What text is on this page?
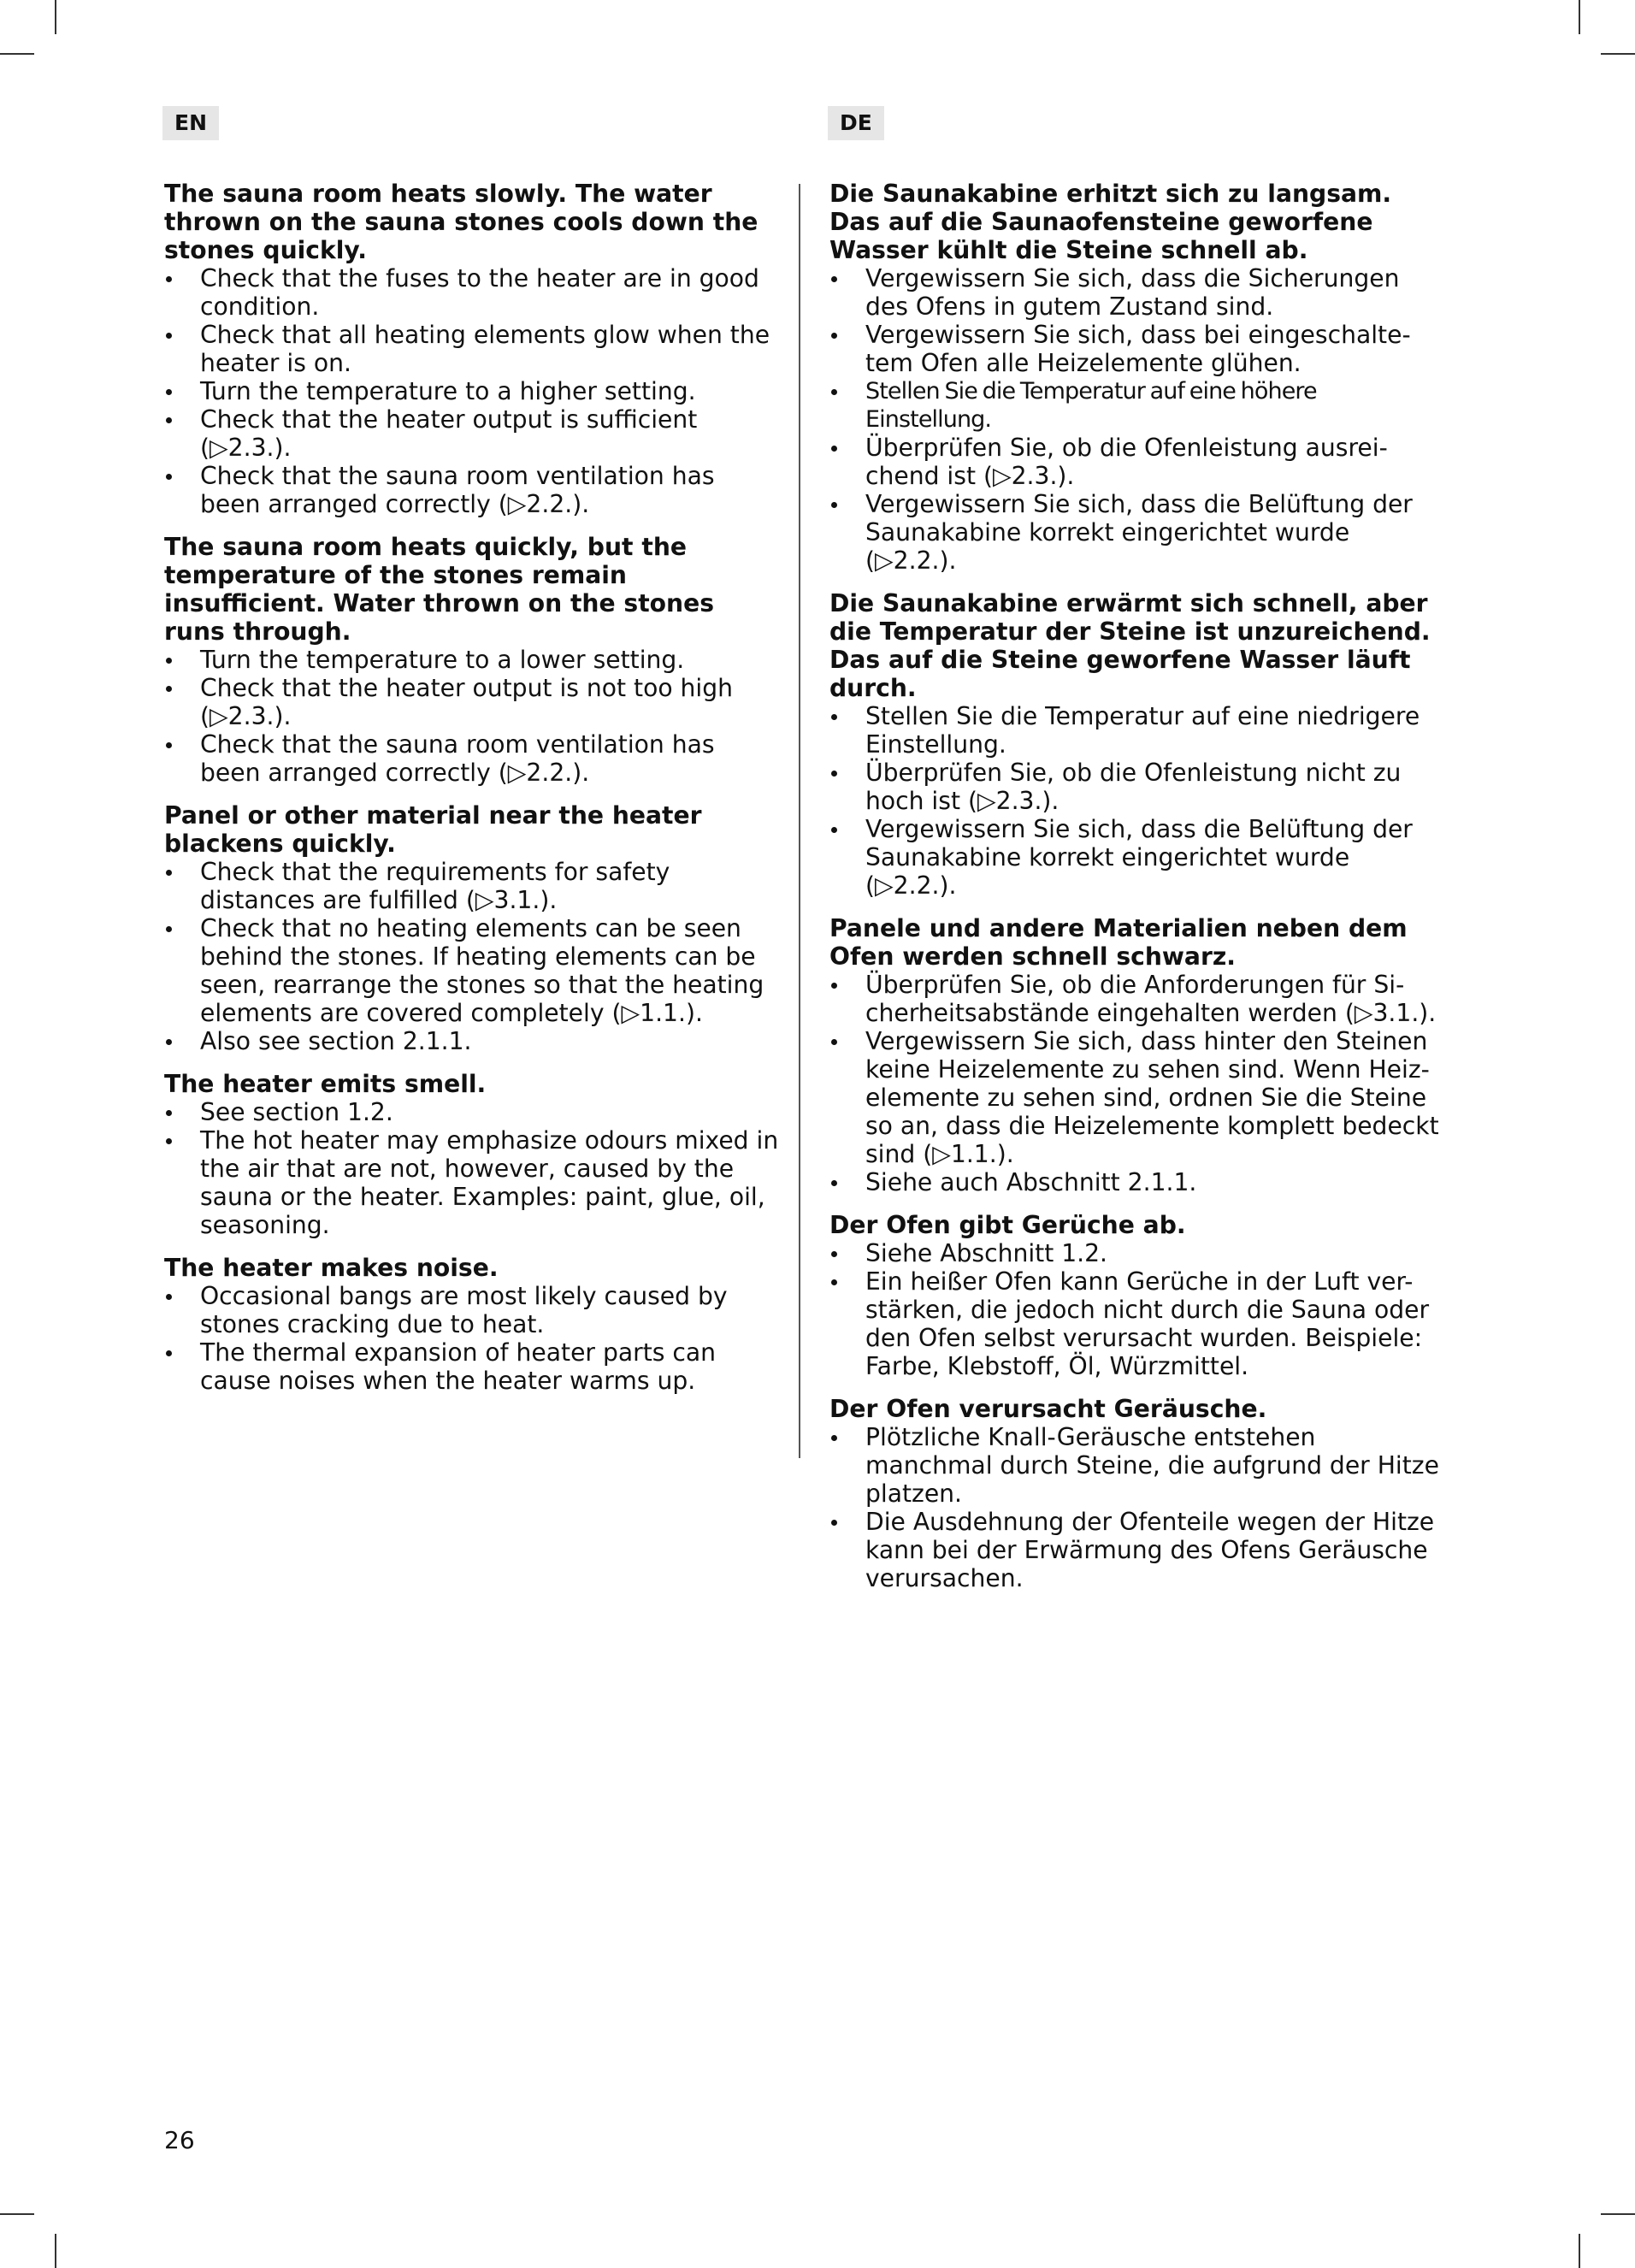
EN	DE

The sauna room heats slowly. The water thrown on the sauna stones cools down the stones quickly.

Check that the fuses to the heater are in good condition.
Check that all heating elements glow when the heater is on.
Turn the temperature to a higher setting.
Check that the heater output is sufficient (▷2.3.).
Check that the sauna room ventilation has been arranged correctly (▷2.2.).

The sauna room heats quickly, but the temperature of the stones remain insufficient. Water thrown on the stones runs through.

Turn the temperature to a lower setting.
Check that the heater output is not too high (▷2.3.).
Check that the sauna room ventilation has been arranged correctly (▷2.2.).

Panel or other material near the heater blackens quickly.

Check that the requirements for safety distances are fulfilled (▷3.1.).
Check that no heating elements can be seen behind the stones. If heating elements can be seen, rearrange the stones so that the heating elements are covered completely (▷1.1.).
Also see section 2.1.1.

The heater emits smell.

See section 1.2.
The hot heater may emphasize odours mixed in the air that are not, however, caused by the sauna or the heater. Examples: paint, glue, oil, seasoning.

The heater makes noise.

Occasional bangs are most likely caused by stones cracking due to heat.
The thermal expansion of heater parts can cause noises when the heater warms up.

Die Saunakabine erhitzt sich zu langsam. Das auf die Saunaofensteine geworfene Wasser kühlt die Steine schnell ab.

Vergewissern Sie sich, dass die Sicherungen des Ofens in gutem Zustand sind.
Vergewissern Sie sich, dass bei eingeschalte-tem Ofen alle Heizelemente glühen.
Stellen Sie die Temperatur auf eine höhere Einstellung.
Überprüfen Sie, ob die Ofenleistung ausrei-chend ist (▷2.3.).
Vergewissern Sie sich, dass die Belüftung der Saunakabine korrekt eingerichtet wurde (▷2.2.).

Die Saunakabine erwärmt sich schnell, aber die Temperatur der Steine ist unzureichend. Das auf die Steine geworfene Wasser läuft durch.

Stellen Sie die Temperatur auf eine niedrigere Einstellung.
Überprüfen Sie, ob die Ofenleistung nicht zu hoch ist (▷2.3.).
Vergewissern Sie sich, dass die Belüftung der Saunakabine korrekt eingerichtet wurde (▷2.2.).

Panele und andere Materialien neben dem Ofen werden schnell schwarz.

Überprüfen Sie, ob die Anforderungen für Si-cherheitsabstände eingehalten werden (▷3.1.).
Vergewissern Sie sich, dass hinter den Steinen keine Heizelemente zu sehen sind. Wenn Heiz-elemente zu sehen sind, ordnen Sie die Steine so an, dass die Heizelemente komplett bedeckt sind (▷1.1.).
Siehe auch Abschnitt 2.1.1.

Der Ofen gibt Gerüche ab.

Siehe Abschnitt 1.2.
Ein heißer Ofen kann Gerüche in der Luft ver-stärken, die jedoch nicht durch die Sauna oder den Ofen selbst verursacht wurden. Beispiele: Farbe, Klebstoff, Öl, Würzmittel.

Der Ofen verursacht Geräusche.

Plötzliche Knall-Geräusche entstehen manchmal durch Steine, die aufgrund der Hitze platzen.
Die Ausdehnung der Ofenteile wegen der Hitze kann bei der Erwärmung des Ofens Geräusche verursachen.
26
